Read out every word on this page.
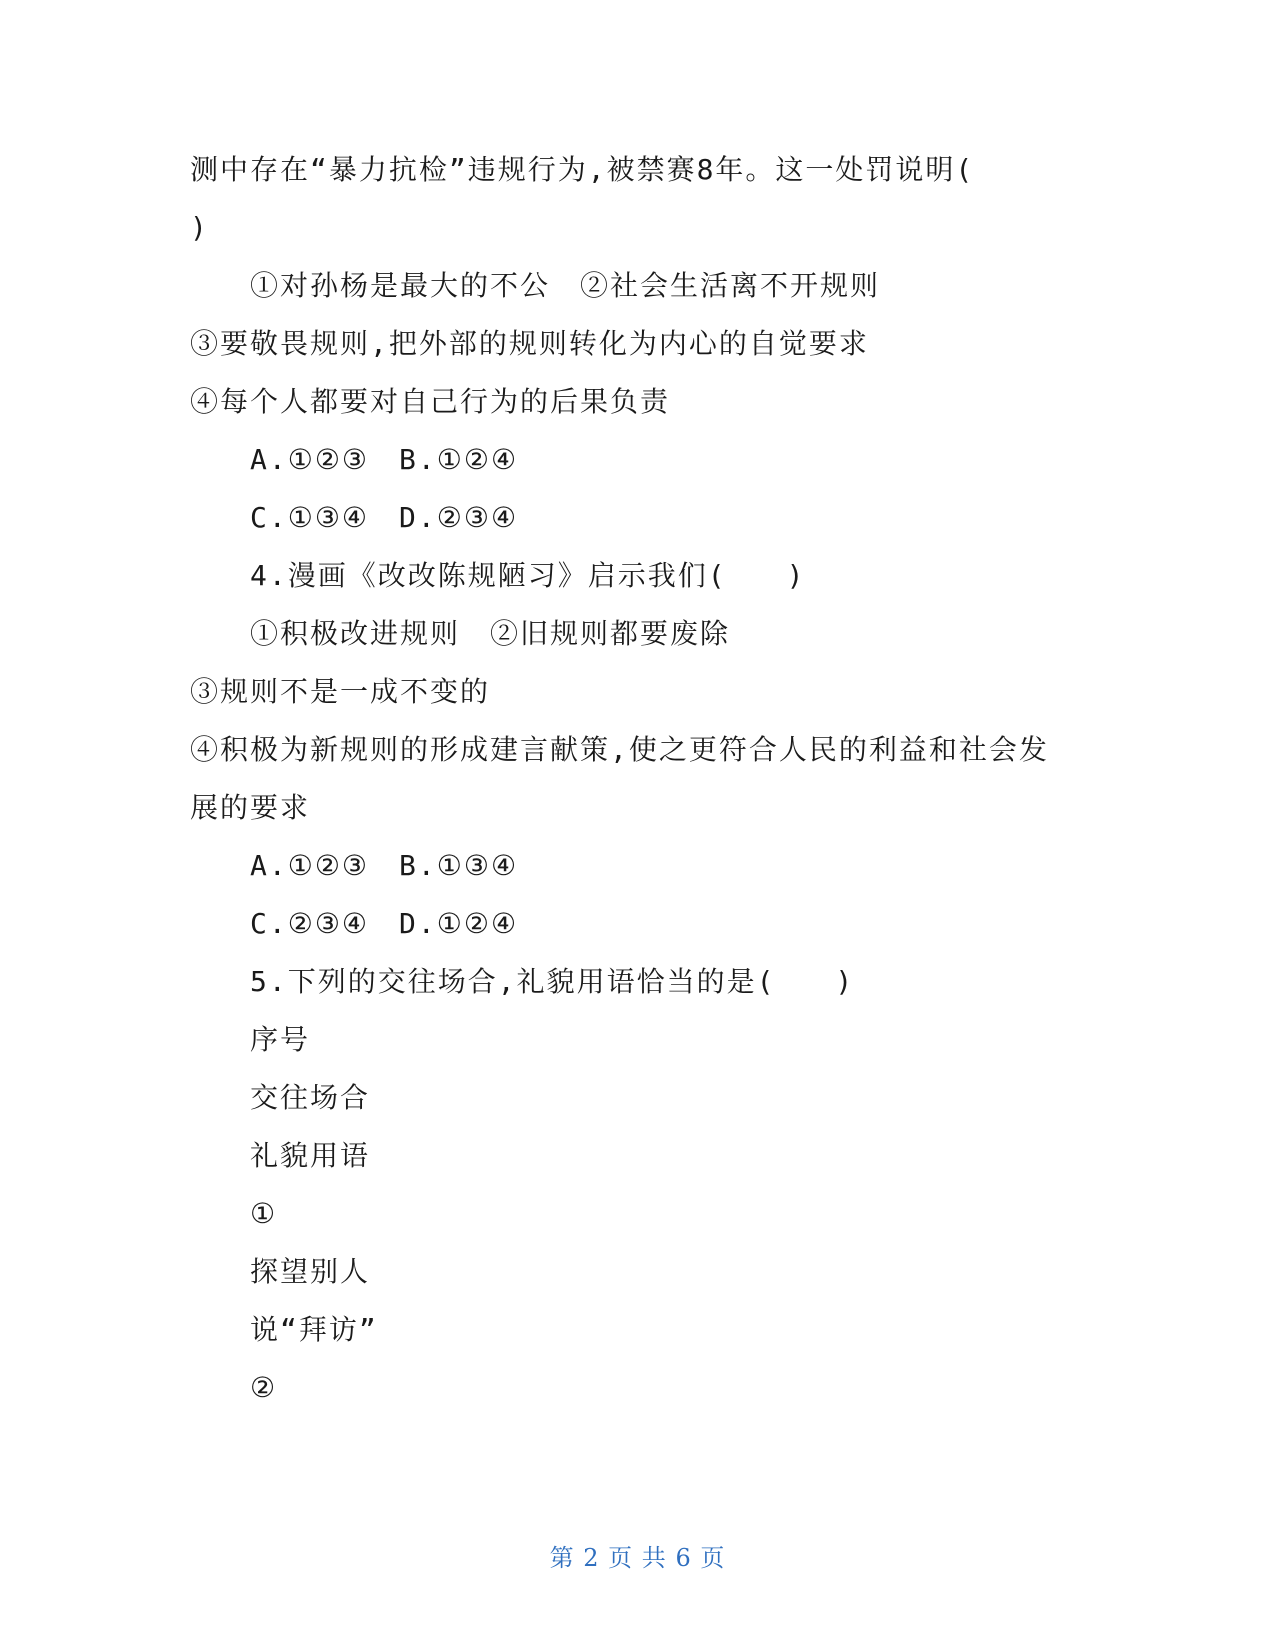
测中存在“暴力抗检”违规行为,被禁赛8年。这一处罚说明(
)
①对孙杨是最大的不公　②社会生活离不开规则
③要敬畏规则,把外部的规则转化为内心的自觉要求
④每个人都要对自己行为的后果负责
A.①②③　B.①②④
C.①③④　D.②③④
4.漫画《改改陈规陋习》启示我们(　　)
①积极改进规则　②旧规则都要废除
③规则不是一成不变的
④积极为新规则的形成建言献策,使之更符合人民的利益和社会发
展的要求
A.①②③　B.①③④
C.②③④　D.①②④
5.下列的交往场合,礼貌用语恰当的是(　　)
序号
交往场合
礼貌用语
①
探望别人
说“拜访”
②
第 2 页 共 6 页
